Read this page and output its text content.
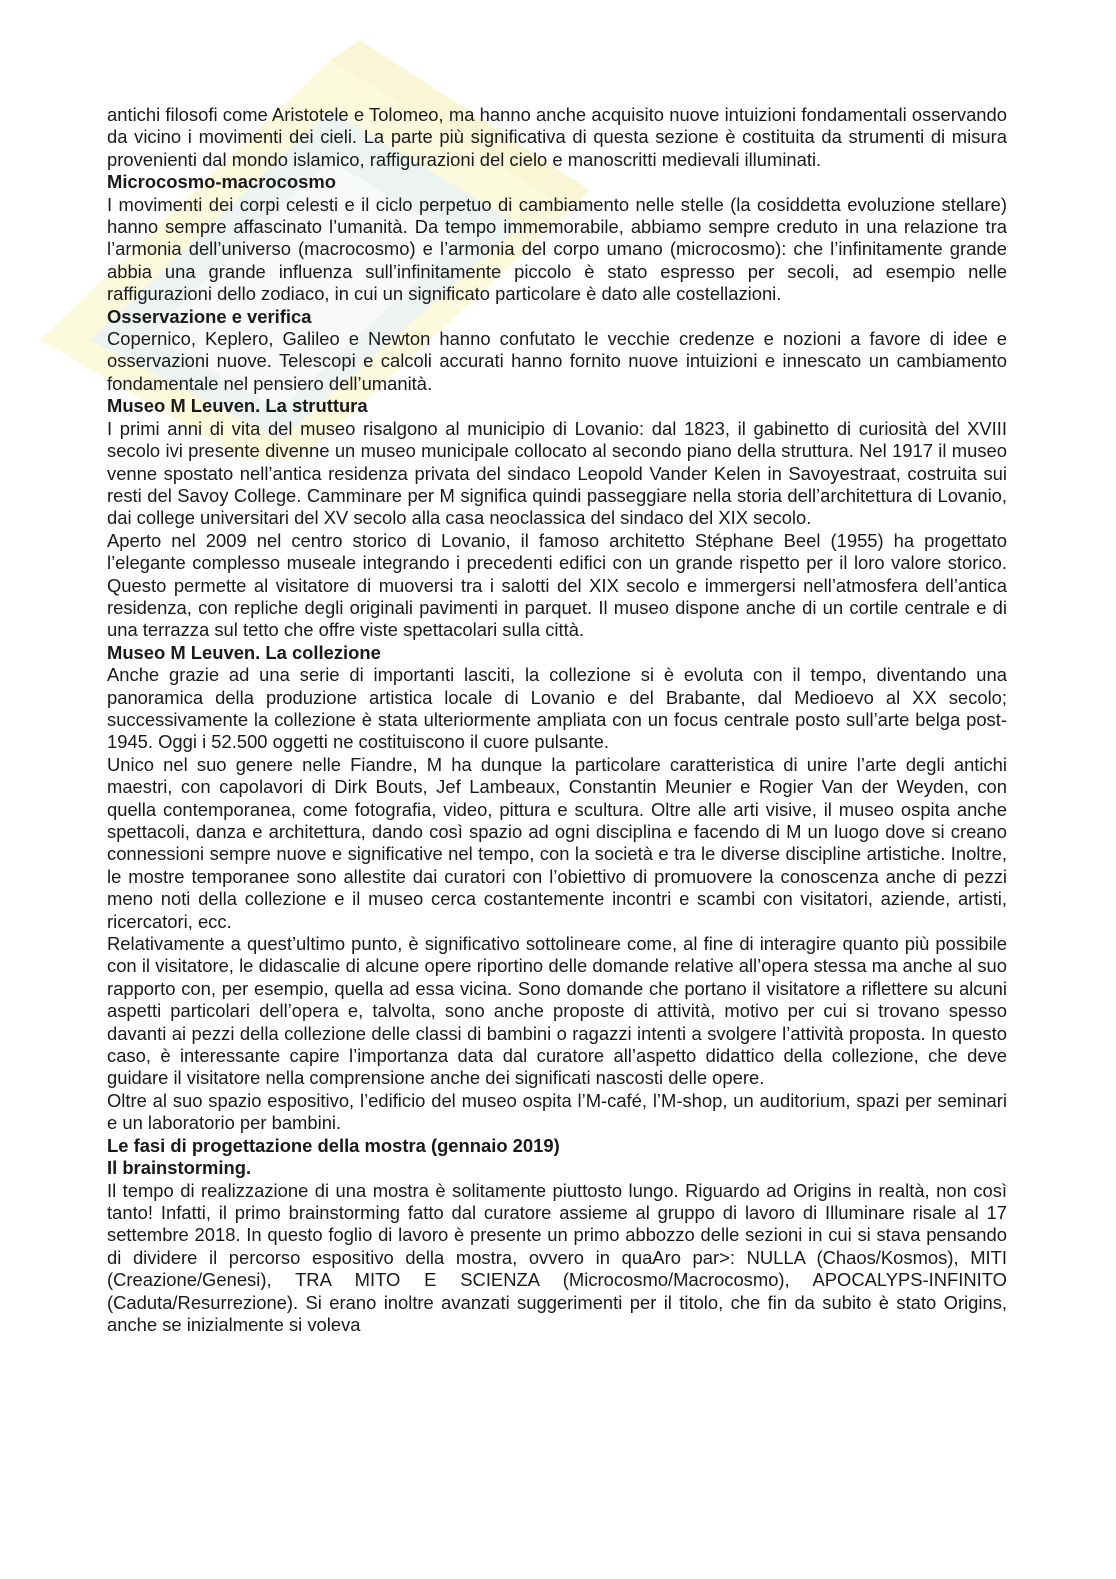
antichi filosofi come Aristotele e Tolomeo, ma hanno anche acquisito nuove intuizioni fondamentali osservando da vicino i movimenti dei cieli. La parte più significativa di questa sezione è costituita da strumenti di misura provenienti dal mondo islamico, raffigurazioni del cielo e manoscritti medievali illuminati.

Microcosmo-macrocosmo

I movimenti dei corpi celesti e il ciclo perpetuo di cambiamento nelle stelle (la cosiddetta evoluzione stellare) hanno sempre affascinato l’umanità. Da tempo immemorabile, abbiamo sempre creduto in una relazione tra l’armonia dell’universo (macrocosmo) e l’armonia del corpo umano (microcosmo): che l’infinitamente grande abbia una grande influenza sull’infinitamente piccolo è stato espresso per secoli, ad esempio nelle raffigurazioni dello zodiaco, in cui un significato particolare è dato alle costellazioni.

Osservazione e verifica

Copernico, Keplero, Galileo e Newton hanno confutato le vecchie credenze e nozioni a favore di idee e osservazioni nuove. Telescopi e calcoli accurati hanno fornito nuove intuizioni e innescato un cambiamento fondamentale nel pensiero dell’umanità.

Museo M Leuven. La struttura

I primi anni di vita del museo risalgono al municipio di Lovanio: dal 1823, il gabinetto di curiosità del XVIII secolo ivi presente divenne un museo municipale collocato al secondo piano della struttura. Nel 1917 il museo venne spostato nell’antica residenza privata del sindaco Leopold Vander Kelen in Savoyestraat, costruita sui resti del Savoy College. Camminare per M significa quindi passeggiare nella storia dell’architettura di Lovanio, dai college universitari del XV secolo alla casa neoclassica del sindaco del XIX secolo.

Aperto nel 2009 nel centro storico di Lovanio, il famoso architetto Stéphane Beel (1955) ha progettato l’elegante complesso museale integrando i precedenti edifici con un grande rispetto per il loro valore storico. Questo permette al visitatore di muoversi tra i salotti del XIX secolo e immergersi nell’atmosfera dell’antica residenza, con repliche degli originali pavimenti in parquet. Il museo dispone anche di un cortile centrale e di una terrazza sul tetto che offre viste spettacolari sulla città.

Museo M Leuven. La collezione

Anche grazie ad una serie di importanti lasciti, la collezione si è evoluta con il tempo, diventando una panoramica della produzione artistica locale di Lovanio e del Brabante, dal Medioevo al XX secolo; successivamente la collezione è stata ulteriormente ampliata con un focus centrale posto sull’arte belga post-1945. Oggi i 52.500 oggetti ne costituiscono il cuore pulsante.

Unico nel suo genere nelle Fiandre, M ha dunque la particolare caratteristica di unire l’arte degli antichi maestri, con capolavori di Dirk Bouts, Jef Lambeaux, Constantin Meunier e Rogier Van der Weyden, con quella contemporanea, come fotografia, video, pittura e scultura. Oltre alle arti visive, il museo ospita anche spettacoli, danza e architettura, dando così spazio ad ogni disciplina e facendo di M un luogo dove si creano connessioni sempre nuove e significative nel tempo, con la società e tra le diverse discipline artistiche. Inoltre, le mostre temporanee sono allestite dai curatori con l’obiettivo di promuovere la conoscenza anche di pezzi meno noti della collezione e il museo cerca costantemente incontri e scambi con visitatori, aziende, artisti, ricercatori, ecc.

Relativamente a quest’ultimo punto, è significativo sottolineare come, al fine di interagire quanto più possibile con il visitatore, le didascalie di alcune opere riportino delle domande relative all’opera stessa ma anche al suo rapporto con, per esempio, quella ad essa vicina. Sono domande che portano il visitatore a riflettere su alcuni aspetti particolari dell’opera e, talvolta, sono anche proposte di attività, motivo per cui si trovano spesso davanti ai pezzi della collezione delle classi di bambini o ragazzi intenti a svolgere l’attività proposta. In questo caso, è interessante capire l’importanza data dal curatore all’aspetto didattico della collezione, che deve guidare il visitatore nella comprensione anche dei significati nascosti delle opere.

Oltre al suo spazio espositivo, l’edificio del museo ospita l’M-café, l’M-shop, un auditorium, spazi per seminari e un laboratorio per bambini.

Le fasi di progettazione della mostra (gennaio 2019)

Il brainstorming.

Il tempo di realizzazione di una mostra è solitamente piuttosto lungo. Riguardo ad Origins in realtà, non così tanto! Infatti, il primo brainstorming fatto dal curatore assieme al gruppo di lavoro di Illuminare risale al 17 settembre 2018. In questo foglio di lavoro è presente un primo abbozzo delle sezioni in cui si stava pensando di dividere il percorso espositivo della mostra, ovvero in quaAro par>: NULLA (Chaos/Kosmos), MITI (Creazione/Genesi), TRA MITO E SCIENZA (Microcosmo/Macrocosmo), APOCALYPS-INFINITO (Caduta/Resurrezione). Si erano inoltre avanzati suggerimenti per il titolo, che fin da subito è stato Origins, anche se inizialmente si voleva
